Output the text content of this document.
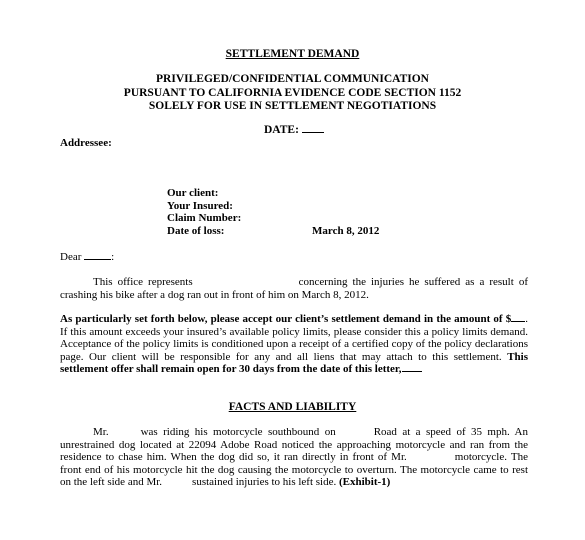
SETTLEMENT DEMAND
PRIVILEGED/CONFIDENTIAL COMMUNICATION
PURSUANT TO CALIFORNIA EVIDENCE CODE SECTION 1152
SOLELY FOR USE IN SETTLEMENT NEGOTIATIONS
DATE:
Addressee:
Our client:
Your Insured:
Claim Number:
Date of loss:	March 8, 2012
Dear	:

This office represents	concerning the injuries he suffered as a result of crashing his bike after a dog ran out in front of him on March 8, 2012.

As particularly set forth below, please accept our client’s settlement demand in the amount of $ . If this amount exceeds your insured’s available policy limits, please consider this a policy limits demand. Acceptance of the policy limits is conditioned upon a receipt of a certified copy of the policy declarations page. Our client will be responsible for any and all liens that may attach to this settlement. This settlement offer shall remain open for 30 days from the date of this letter,

FACTS AND LIABILITY

Mr.	was riding his motorcycle southbound on	Road at a speed of 35 mph. An unrestrained dog located at 22094 Adobe Road noticed the approaching motorcycle and ran from the residence to chase him. When the dog did so, it ran directly in front of Mr.	motorcycle. The front end of his motorcycle hit the dog causing the motorcycle to overturn. The motorcycle came to rest on the left side and Mr.	sustained injuries to his left side. (Exhibit-1)
